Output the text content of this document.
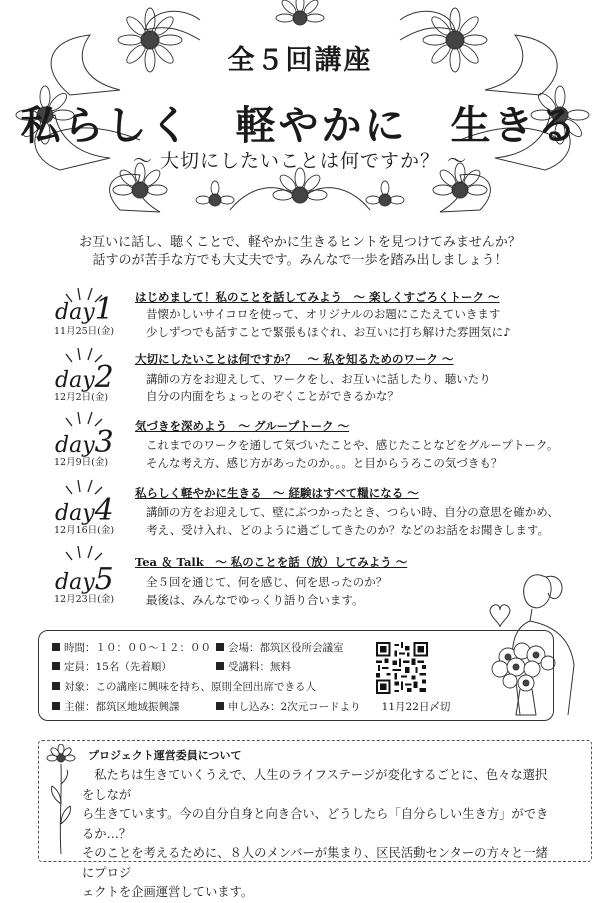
全５回講座
私らしく　軽やかに　生きる
～ 大切にしたいことは何ですか？ ～
お互いに話し、聴くことで、軽やかに生きるヒントを見つけてみませんか？
話すのが苦手な方でも大丈夫です。みんなで一歩を踏み出しましょう！
day1
11月25日(金)
はじめまして！私のことを話してみよう　～ 楽しくすごろくトーク ～
昔懐かしいサイコロを使って、オリジナルのお題にこたえていきます
少しずつでも話すことで緊張もほぐれ、お互いに打ち解けた雰囲気に♪
day2
12月2日(金)
大切にしたいことは何ですか？　～ 私を知るためのワーク ～
講師の方をお迎えして、ワークをし、お互いに話したり、聴いたり
自分の内面をちょっとのぞくことができるかな？
day3
12月9日(金)
気づきを深めよう　～ グループトーク ～
これまでのワークを通して気づいたことや、感じたことなどをグループトーク。
そんな考え方、感じ方があったのか。。。と目からうろこの気づきも？
day4
12月16日(金)
私らしく軽やかに生きる　～ 経験はすべて糧になる ～
講師の方をお迎えして、壁にぶつかったとき、つらい時、自分の意思を確かめ、
考え、受け入れ、どのように過ごしてきたのか？などのお話をお聞きします。
day5
12月23日(金)
Tea ＆ Talk　～ 私のことを話（放）してみよう ～
全５回を通じて、何を感じ、何を思ったのか？
最後は、みんなでゆっくり語り合います。
時間：１０：００～１２：００	会場：都筑区役所会議室
定員：15名（先着順）	受講料：無料
対象：この講座に興味を持ち、原則全回出席できる人
主催：都筑区地域振興課	申し込み：2次元コードより　　11月22日〆切
プロジェクト運営委員について
　私たちは生きていくうえで、人生のライフステージが変化するごとに、色々な選択をしなが
ら生きています。今の自分自身と向き合い、どうしたら「自分らしい生き方」ができるか…？
そのことを考えるために、８人のメンバーが集まり、区民活動センターの方々と一緒にプロジ
ェクトを企画運営しています。
